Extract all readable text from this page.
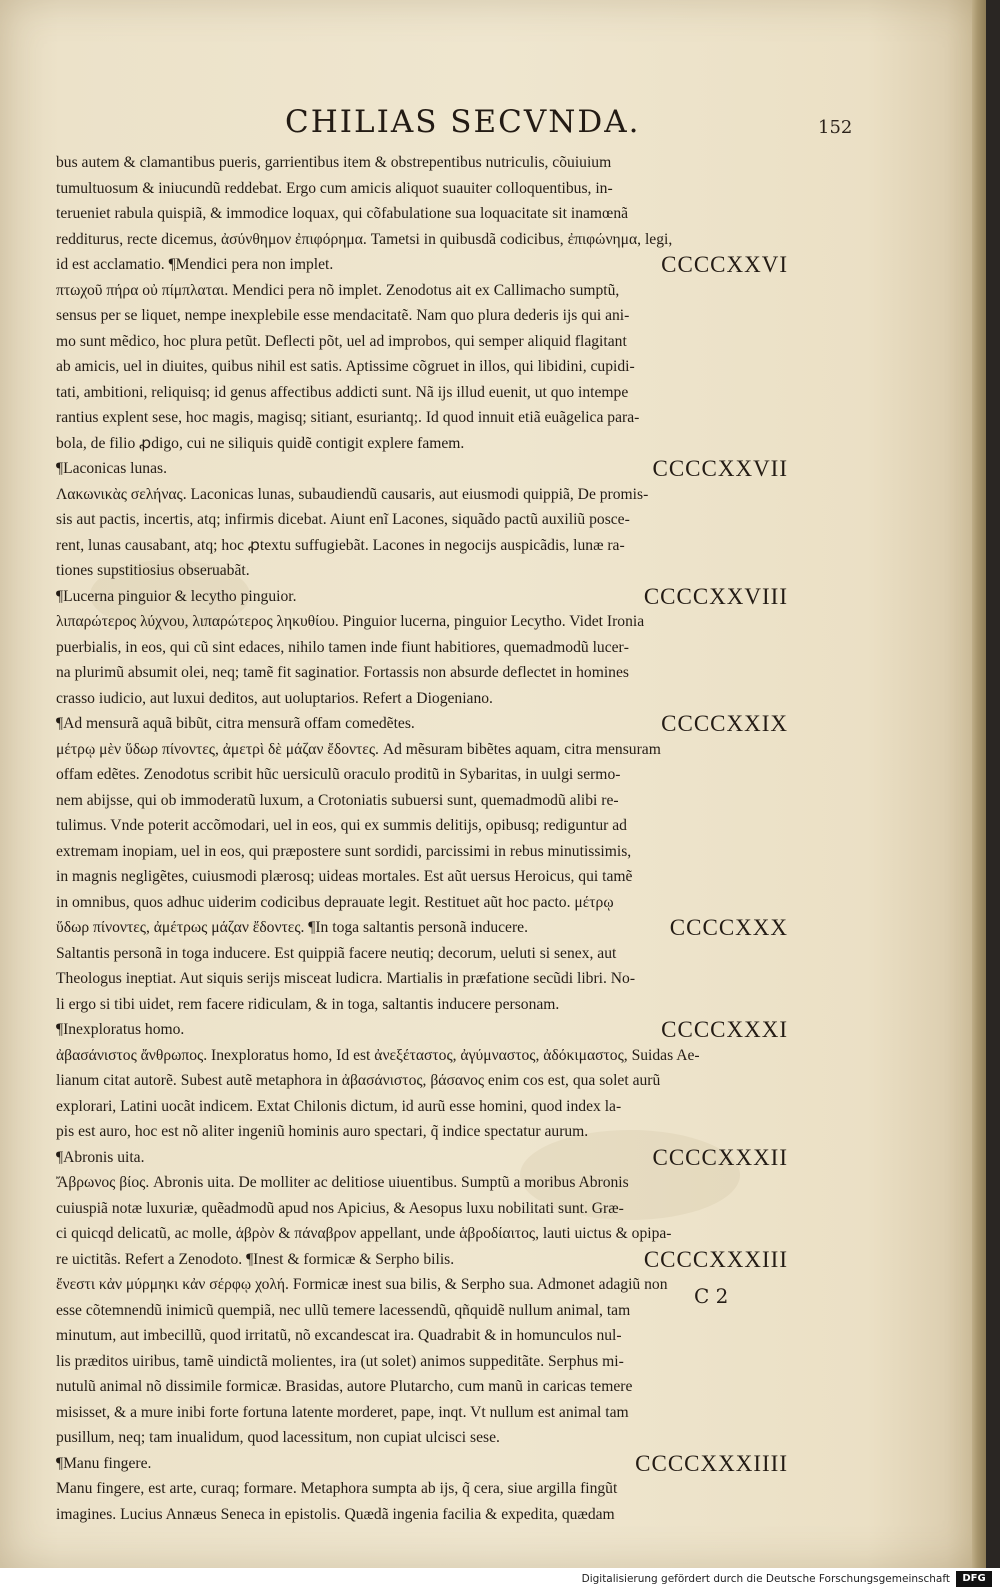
CHILIAS SECVNDA.	152
bus autem & clamantibus pueris, garrientibus item & obstrepentibus nutriculis, cõuiuium
tumultuosum & iniucundũ reddebat. Ergo cum amicis aliquot suauiter colloquentibus, in‑
terueniet rabula quispiã, & immodice loquax, qui cõfabulatione sua loquacitate sit inamœnã
redditurus, recte dicemus, ἀσύνθημον ἐπιφόρημα. Tametsi in quibusdã codicibus, ἐπιφώνημα, legi,
id est acclamatio. ¶Mendici pera non implet.	CCCCXXVI
πτωχοῦ πήρα οὐ πίμπλαται. Mendici pera nõ implet. Zenodotus ait ex Callimacho sumptũ,
sensus per se liquet, nempe inexplebile esse mendacitatẽ. Nam quo plura dederis ijs qui ani‑
mo sunt mẽdico, hoc plura petũt. Deflecti põt, uel ad improbos, qui semper aliquid flagitant
ab amicis, uel in diuites, quibus nihil est satis. Aptissime cõgruet in illos, qui libidini, cupidi‑
tati, ambitioni, reliquisq; id genus affectibus addicti sunt. Nã ijs illud euenit, ut quo intempe
rantius explent sese, hoc magis, magisq; sitiant, esuriantq;. Id quod innuit etiã euãgelica para‑
bola, de filio ꝓdigo, cui ne siliquis quidẽ contigit explere famem.
¶Laconicas lunas.	CCCCXXVII
Λακωνικὰς σελήνας. Laconicas lunas, subaudiendũ causaris, aut eiusmodi quippiã, De promis‑
sis aut pactis, incertis, atq; infirmis dicebat. Aiunt enĩ Lacones, siquãdo pactũ auxiliũ posce‑
rent, lunas causabant, atq; hoc ꝓtextu suffugiebãt. Lacones in negocijs auspicãdis, lunæ ra‑
tiones supstitiosius obseruabãt.
¶Lucerna pinguior & lecytho pinguior.	CCCCXXVIII
λιπαρώτερος λύχνου, λιπαρώτερος ληκυθίου. Pinguior lucerna, pinguior Lecytho. Videt Ironia
puerbialis, in eos, qui cũ sint edaces, nihilo tamen inde fiunt habitiores, quemadmodũ lucer‑
na plurimũ absumit olei, neq; tamẽ fit saginatior. Fortassis non absurde deflectet in homines
crasso iudicio, aut luxui deditos, aut uoluptarios. Refert a Diogeniano.
¶Ad mensurã aquã bibũt, citra mensurã offam comedẽtes.	CCCCXXIX
μέτρῳ μὲν ὕδωρ πίνοντες, ἀμετρὶ δὲ μάζαν ἔδοντες. Ad mẽsuram bibẽtes aquam, citra mensuram
offam edẽtes. Zenodotus scribit hũc uersiculũ oraculo proditũ in Sybaritas, in uulgi sermo‑
nem abijsse, qui ob immoderatũ luxum, a Crotoniatis subuersi sunt, quemadmodũ alibi re‑
tulimus. Vnde poterit accõmodari, uel in eos, qui ex summis delitijs, opibusq; rediguntur ad
extremam inopiam, uel in eos, qui præpostere sunt sordidi, parcissimi in rebus minutissimis,
in magnis negligẽtes, cuiusmodi plærosq; uideas mortales. Est aũt uersus Heroicus, qui tamẽ
in omnibus, quos adhuc uiderim codicibus deprauate legit. Restituet aũt hoc pacto. μέτρῳ
ὕδωρ πίνοντες, ἀμέτρως μάζαν ἔδοντες. ¶In toga saltantis personã inducere.	CCCCXXX
Saltantis personã in toga inducere. Est quippiã facere neutiq; decorum, ueluti si senex, aut
Theologus ineptiat. Aut siquis serijs misceat ludicra. Martialis in præfatione secũdi libri. No‑
li ergo si tibi uidet, rem facere ridiculam, & in toga, saltantis inducere personam.
¶Inexploratus homo.	CCCCXXXI
ἀβασάνιστος ἄνθρωπος. Inexploratus homo, Id est ἀνεξέταστος, ἀγύμναστος, ἀδόκιμαστος, Suidas Ae‑
lianum citat autorẽ. Subest autẽ metaphora in ἀβασάνιστος, βάσανος enim cos est, qua solet aurũ
explorari, Latini uocãt indicem. Extat Chilonis dictum, id aurũ esse homini, quod index la‑
pis est auro, hoc est nõ aliter ingeniũ hominis auro spectari, q̃ indice spectatur aurum.
¶Abronis uita.	CCCCXXXII
Ἄβρωνος βίος. Abronis uita. De molliter ac delitiose uiuentibus. Sumptũ a moribus Abronis
cuiuspiã notæ luxuriæ, quẽadmodũ apud nos Apicius, & Aesopus luxu nobilitati sunt. Græ‑
ci quicqd delicatũ, ac molle, ἁβρὸν & πάναβρον appellant, unde ἁβροδίαιτος, lauti uictus & opipa‑
re uictitãs. Refert a Zenodoto. ¶Inest & formicæ & Serpho bilis.	CCCCXXXIII
ἔνεστι κἀν μύρμηκι κἀν σέρφῳ χολή. Formicæ inest sua bilis, & Serpho sua. Admonet adagiũ non
esse cõtemnendũ inimicũ quempiã, nec ullũ temere lacessendũ, qñquidẽ nullum animal, tam
minutum, aut imbecillũ, quod irritatũ, nõ excandescat ira. Quadrabit & in homunculos nul‑
lis præditos uiribus, tamẽ uindictã molientes, ira (ut solet) animos suppeditãte. Serphus mi‑
nutulũ animal nõ dissimile formicæ. Brasidas, autore Plutarcho, cum manũ in caricas temere
misisset, & a mure inibi forte fortuna latente morderet, pape, inqt. Vt nullum est animal tam
pusillum, neq; tam inualidum, quod lacessitum, non cupiat ulcisci sese.
¶Manu fingere.	CCCCXXXIIII
Manu fingere, est arte, curaq; formare. Metaphora sumpta ab ijs, q̃ cera, siue argilla fingũt
imagines. Lucius Annæus Seneca in epistolis. Quædã ingenia facilia & expedita, quædam
C 2
Digitalisierung gefördert durch die Deutsche Forschungsgemeinschaft	DFG
